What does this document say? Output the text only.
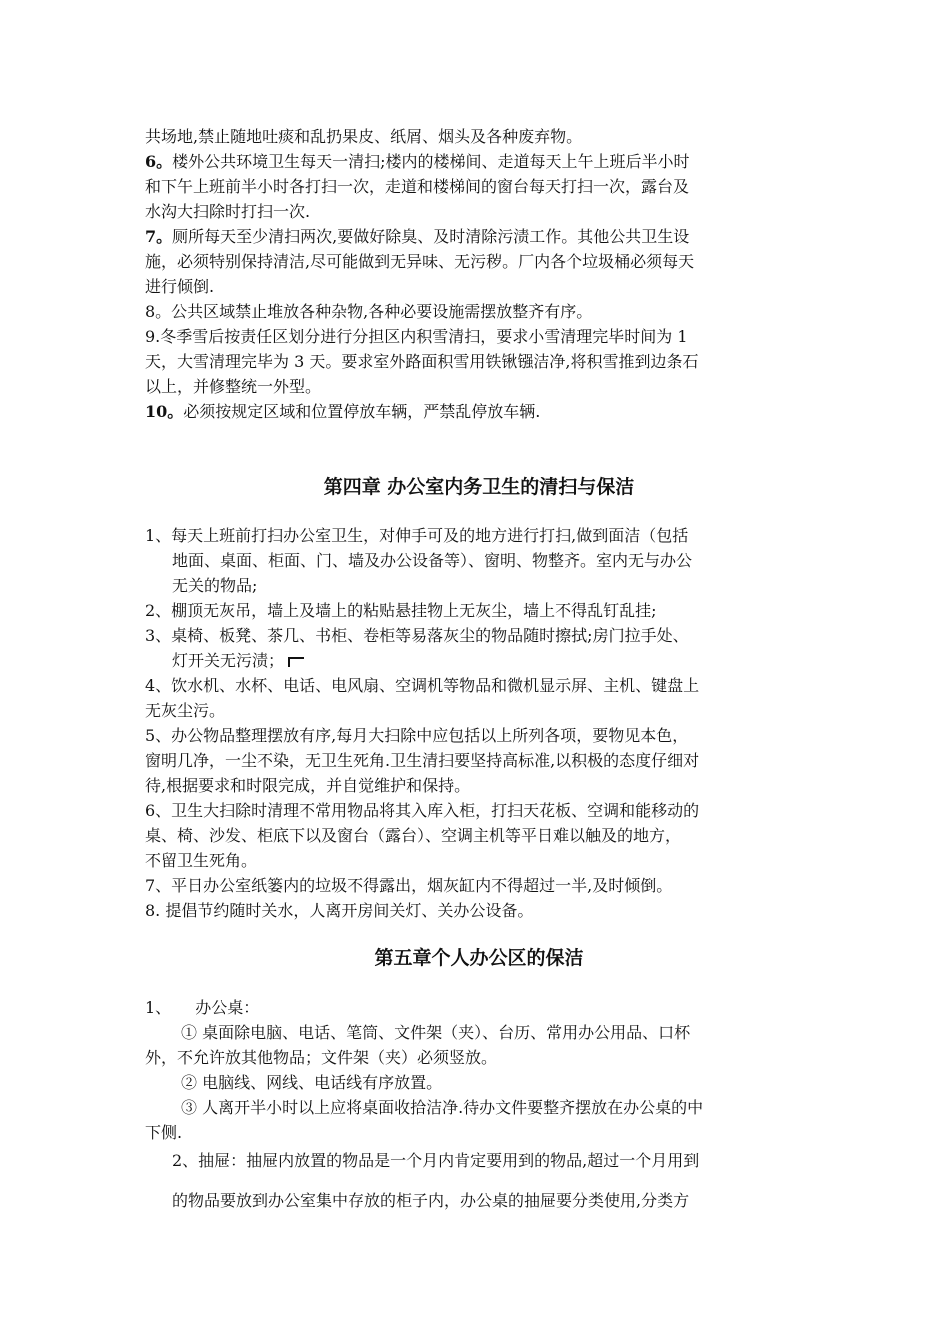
共场地,禁止随地吐痰和乱扔果皮、纸屑、烟头及各种废弃物。
6。楼外公共环境卫生每天一清扫;楼内的楼梯间、走道每天上午上班后半小时
和下午上班前半小时各打扫一次，走道和楼梯间的窗台每天打扫一次，露台及
水沟大扫除时打扫一次.
7。厕所每天至少清扫两次,要做好除臭、及时清除污渍工作。其他公共卫生设
施，必须特别保持清洁,尽可能做到无异味、无污秽。厂内各个垃圾桶必须每天
进行倾倒.
8。公共区域禁止堆放各种杂物,各种必要设施需摆放整齐有序。
9.冬季雪后按责任区划分进行分担区内积雪清扫，要求小雪清理完毕时间为 1
天，大雪清理完毕为 3 天。要求室外路面积雪用铁锹镪洁净,将积雪推到边条石
以上，并修整统一外型。
10。必须按规定区域和位置停放车辆，严禁乱停放车辆.
第四章 办公室内务卫生的清扫与保洁
1、每天上班前打扫办公室卫生，对伸手可及的地方进行打扫,做到面洁（包括
地面、桌面、柜面、门、墙及办公设备等）、窗明、物整齐。室内无与办公
无关的物品;
2、棚顶无灰吊，墙上及墙上的粘贴悬挂物上无灰尘，墙上不得乱钉乱挂;
3、桌椅、板凳、茶几、书柜、卷柜等易落灰尘的物品随时擦拭;房门拉手处、
灯开关无污渍；
4、饮水机、水杯、电话、电风扇、空调机等物品和微机显示屏、主机、键盘上
无灰尘污。
5、办公物品整理摆放有序,每月大扫除中应包括以上所列各项，要物见本色，
窗明几净，一尘不染，无卫生死角.卫生清扫要坚持高标准,以积极的态度仔细对
待,根据要求和时限完成，并自觉维护和保持。
6、卫生大扫除时清理不常用物品将其入库入柜，打扫天花板、空调和能移动的
桌、椅、沙发、柜底下以及窗台（露台）、空调主机等平日难以触及的地方，
不留卫生死角。
7、平日办公室纸篓内的垃圾不得露出，烟灰缸内不得超过一半,及时倾倒。
8. 提倡节约随时关水，人离开房间关灯、关办公设备。
第五章个人办公区的保洁
1、 办公桌：
① 桌面除电脑、电话、笔筒、文件架（夹）、台历、常用办公用品、口杯
外，不允许放其他物品；文件架（夹）必须竖放。
② 电脑线、网线、电话线有序放置。
③ 人离开半小时以上应将桌面收拾洁净.待办文件要整齐摆放在办公桌的中
下侧.
2、抽屉：抽屉内放置的物品是一个月内肯定要用到的物品,超过一个月用到
的物品要放到办公室集中存放的柜子内，办公桌的抽屉要分类使用,分类方
